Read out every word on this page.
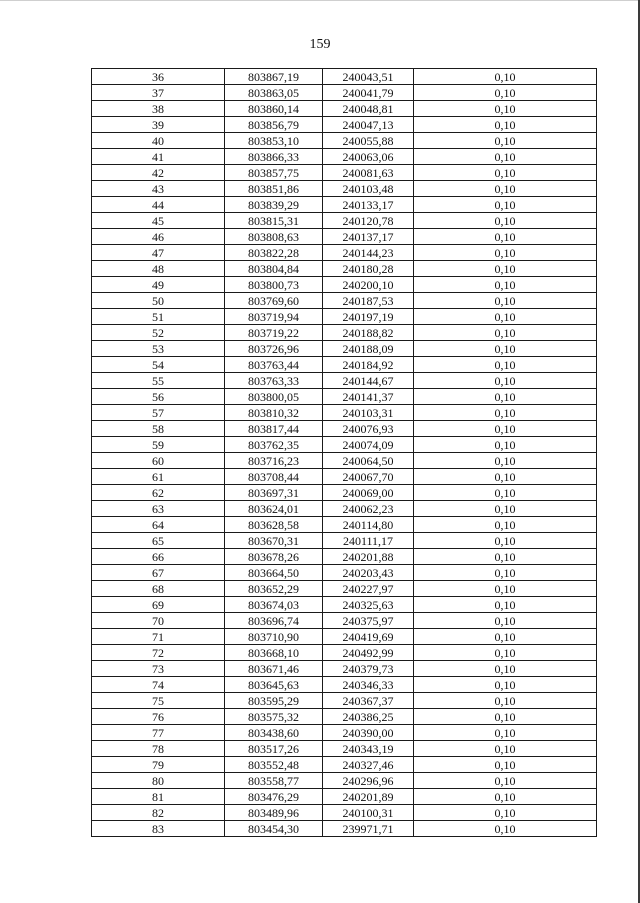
159
36	803867,19	240043,51	0,10
37	803863,05	240041,79	0,10
38	803860,14	240048,81	0,10
39	803856,79	240047,13	0,10
40	803853,10	240055,88	0,10
41	803866,33	240063,06	0,10
42	803857,75	240081,63	0,10
43	803851,86	240103,48	0,10
44	803839,29	240133,17	0,10
45	803815,31	240120,78	0,10
46	803808,63	240137,17	0,10
47	803822,28	240144,23	0,10
48	803804,84	240180,28	0,10
49	803800,73	240200,10	0,10
50	803769,60	240187,53	0,10
51	803719,94	240197,19	0,10
52	803719,22	240188,82	0,10
53	803726,96	240188,09	0,10
54	803763,44	240184,92	0,10
55	803763,33	240144,67	0,10
56	803800,05	240141,37	0,10
57	803810,32	240103,31	0,10
58	803817,44	240076,93	0,10
59	803762,35	240074,09	0,10
60	803716,23	240064,50	0,10
61	803708,44	240067,70	0,10
62	803697,31	240069,00	0,10
63	803624,01	240062,23	0,10
64	803628,58	240114,80	0,10
65	803670,31	240111,17	0,10
66	803678,26	240201,88	0,10
67	803664,50	240203,43	0,10
68	803652,29	240227,97	0,10
69	803674,03	240325,63	0,10
70	803696,74	240375,97	0,10
71	803710,90	240419,69	0,10
72	803668,10	240492,99	0,10
73	803671,46	240379,73	0,10
74	803645,63	240346,33	0,10
75	803595,29	240367,37	0,10
76	803575,32	240386,25	0,10
77	803438,60	240390,00	0,10
78	803517,26	240343,19	0,10
79	803552,48	240327,46	0,10
80	803558,77	240296,96	0,10
81	803476,29	240201,89	0,10
82	803489,96	240100,31	0,10
83	803454,30	239971,71	0,10
